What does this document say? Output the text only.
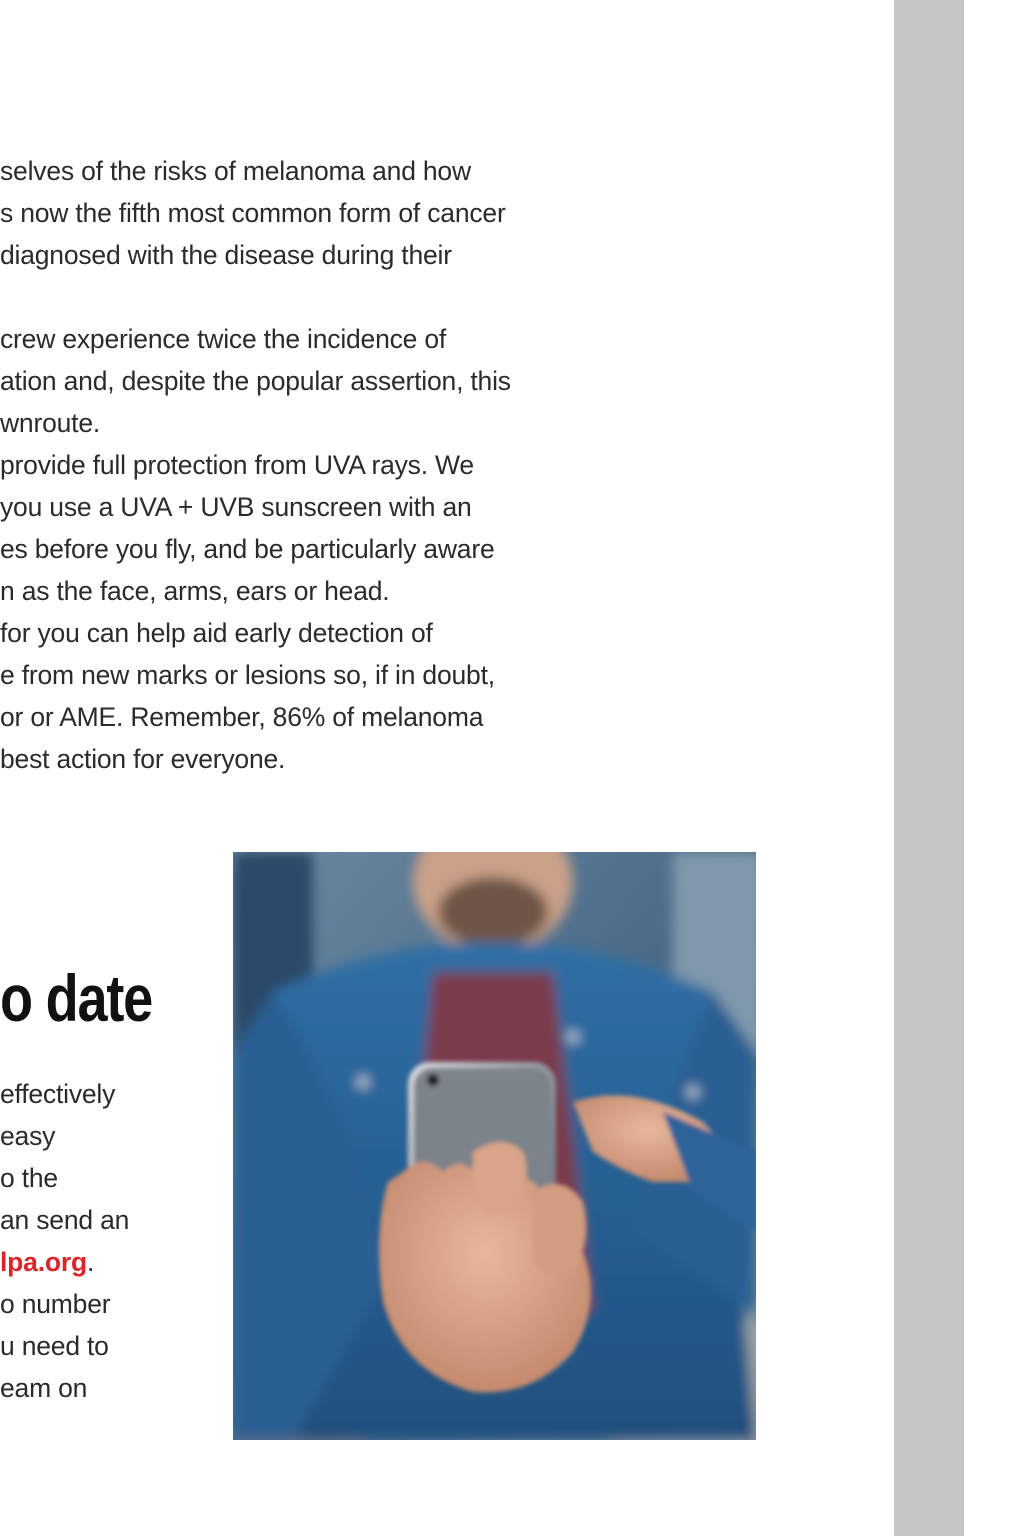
selves of the risks of melanoma and how
s now the fifth most common form of cancer
diagnosed with the disease during their
crew experience twice the incidence of
ation and, despite the popular assertion, this
wnroute.
provide full protection from UVA rays. We
you use a UVA + UVB sunscreen with an
es before you fly, and be particularly aware
n as the face, arms, ears or head.
for you can help aid early detection of
e from new marks or lesions so, if in doubt,
or or AME. Remember, 86% of melanoma
best action for everyone.
o date
effectively
easy
o the
an send an
lpa.org.
o number
u need to
eam on
